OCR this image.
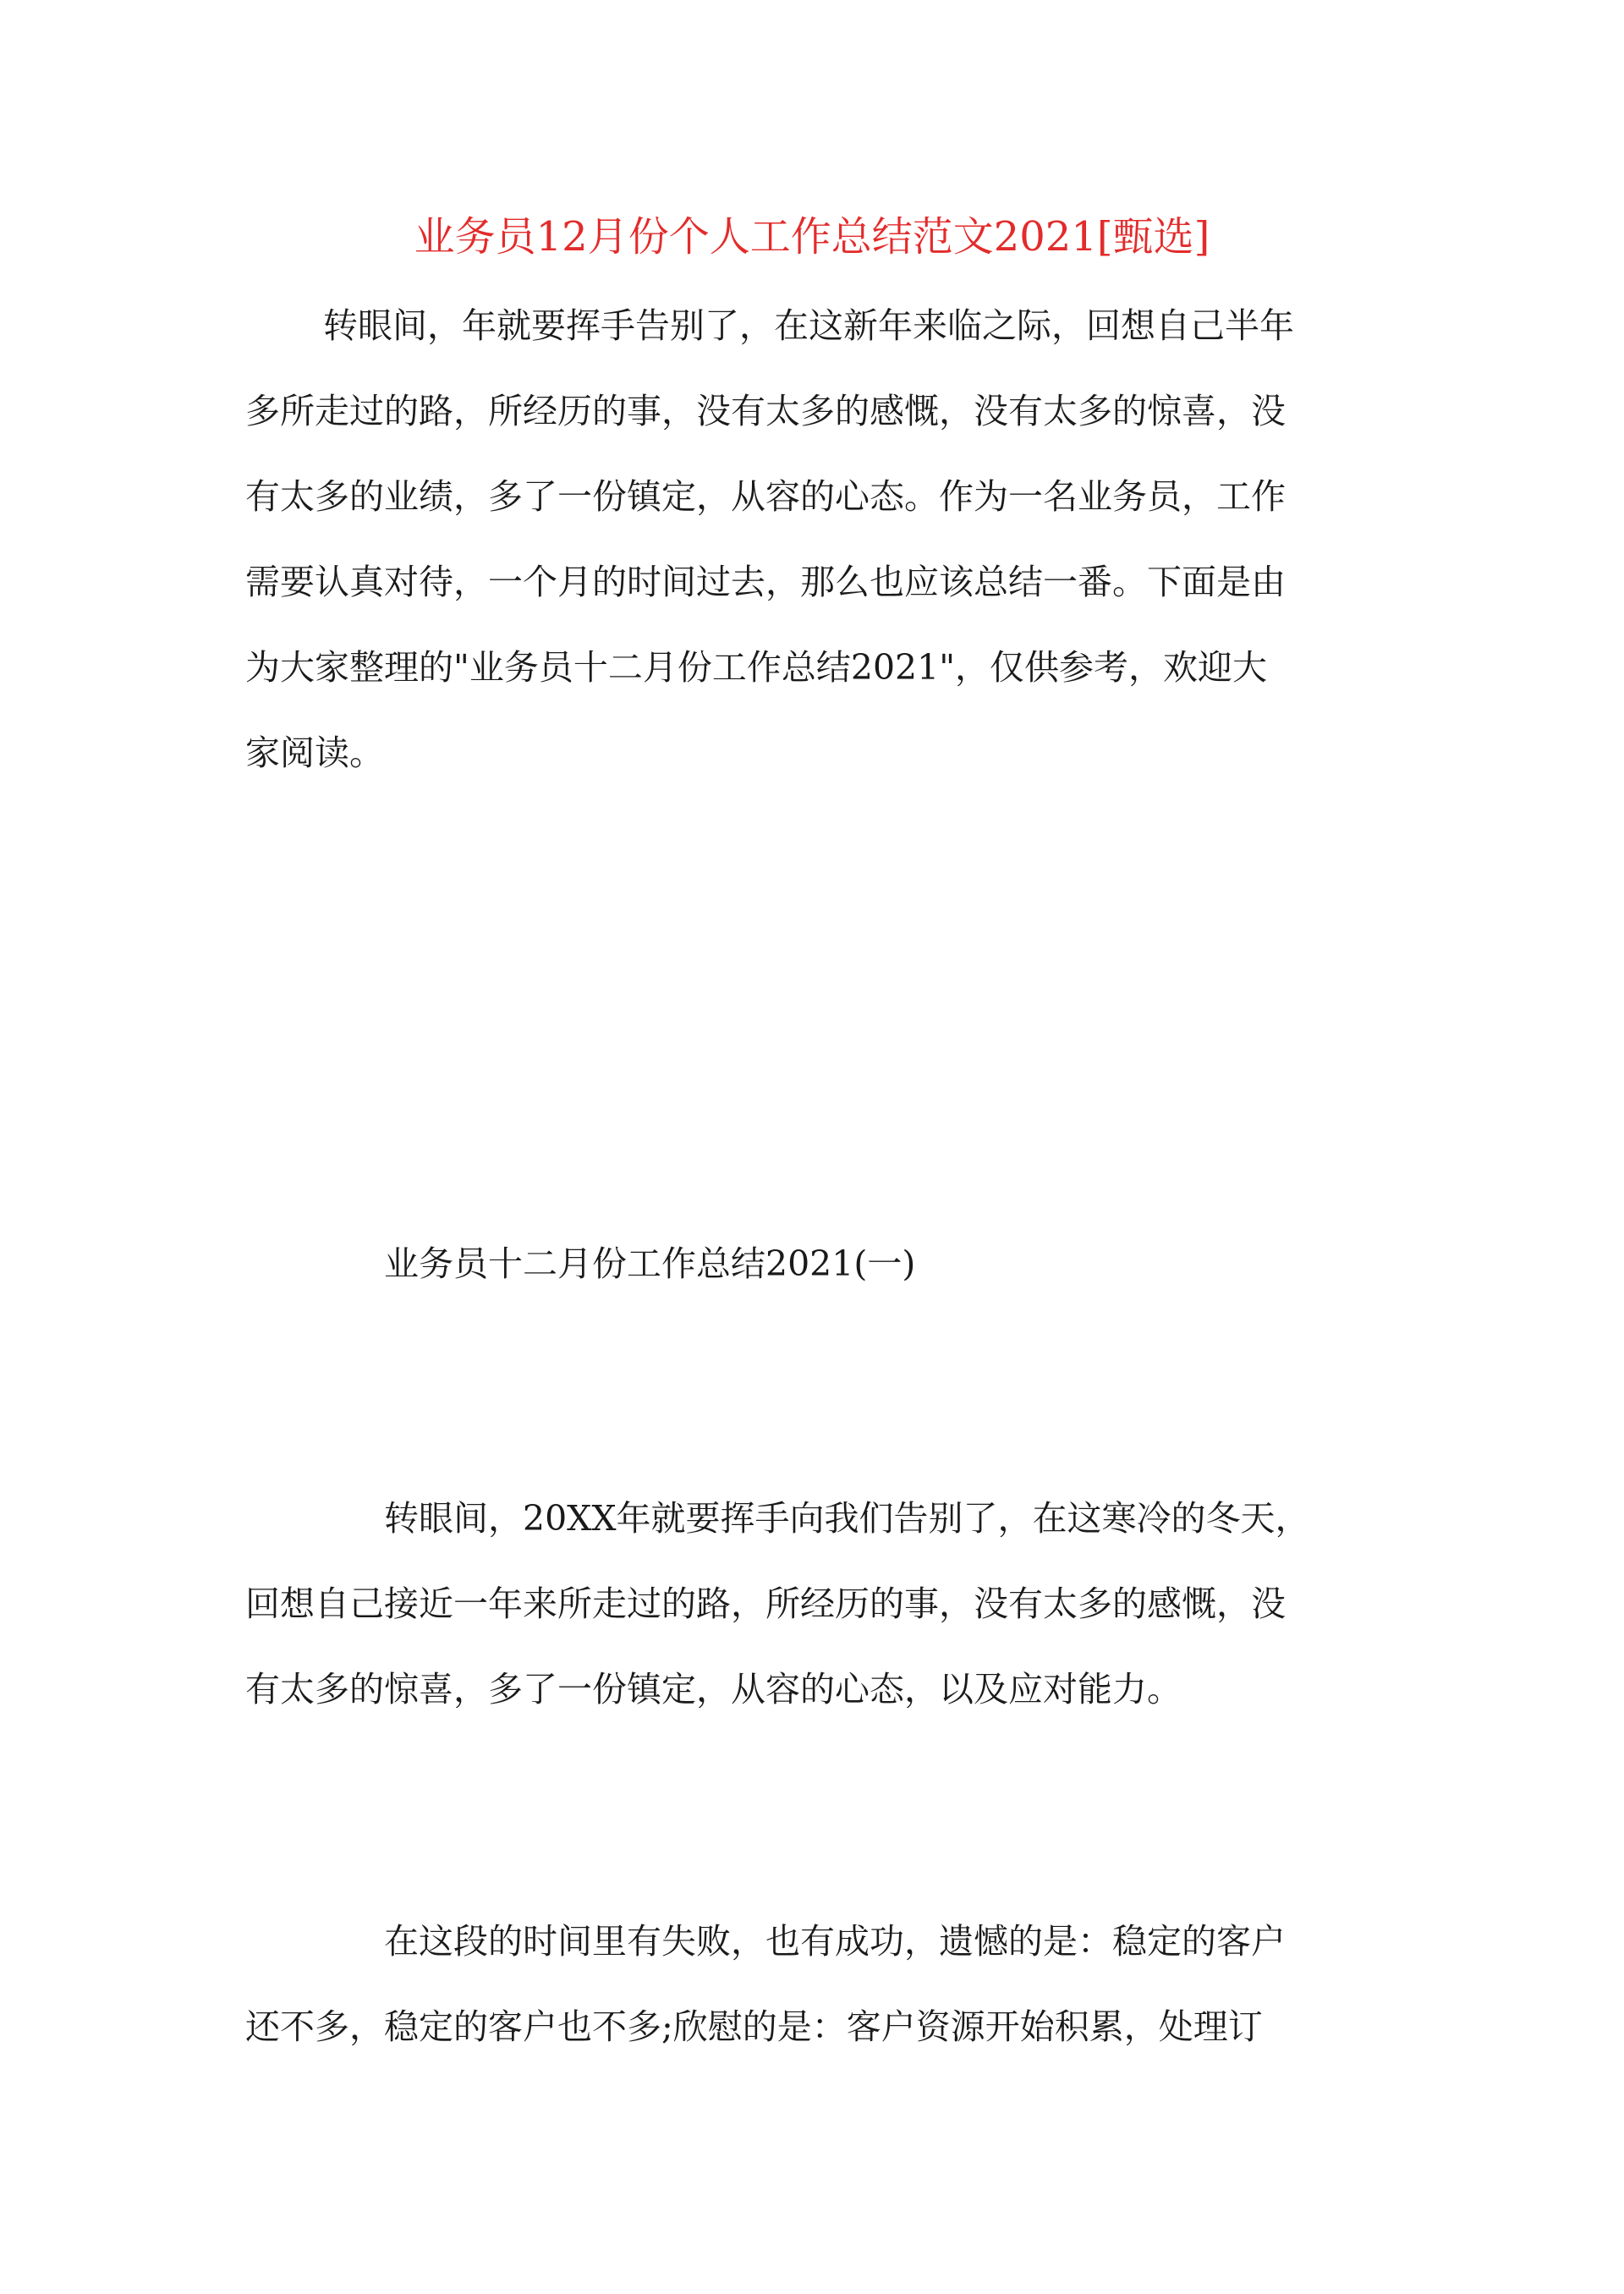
业务员12月份个人工作总结范文2021[甄选]
转眼间，年就要挥手告别了，在这新年来临之际，回想自己半年
多所走过的路，所经历的事，没有太多的感慨，没有太多的惊喜，没
有太多的业绩，多了一份镇定，从容的心态。作为一名业务员，工作
需要认真对待，一个月的时间过去，那么也应该总结一番。下面是由
为大家整理的"业务员十二月份工作总结2021"，仅供参考，欢迎大
家阅读。
业务员十二月份工作总结2021(一)
转眼间，20XX年就要挥手向我们告别了，在这寒冷的冬天，
回想自己接近一年来所走过的路，所经历的事，没有太多的感慨，没
有太多的惊喜，多了一份镇定，从容的心态，以及应对能力。
在这段的时间里有失败，也有成功，遗憾的是：稳定的客户
还不多，稳定的客户也不多;欣慰的是：客户资源开始积累，处理订
